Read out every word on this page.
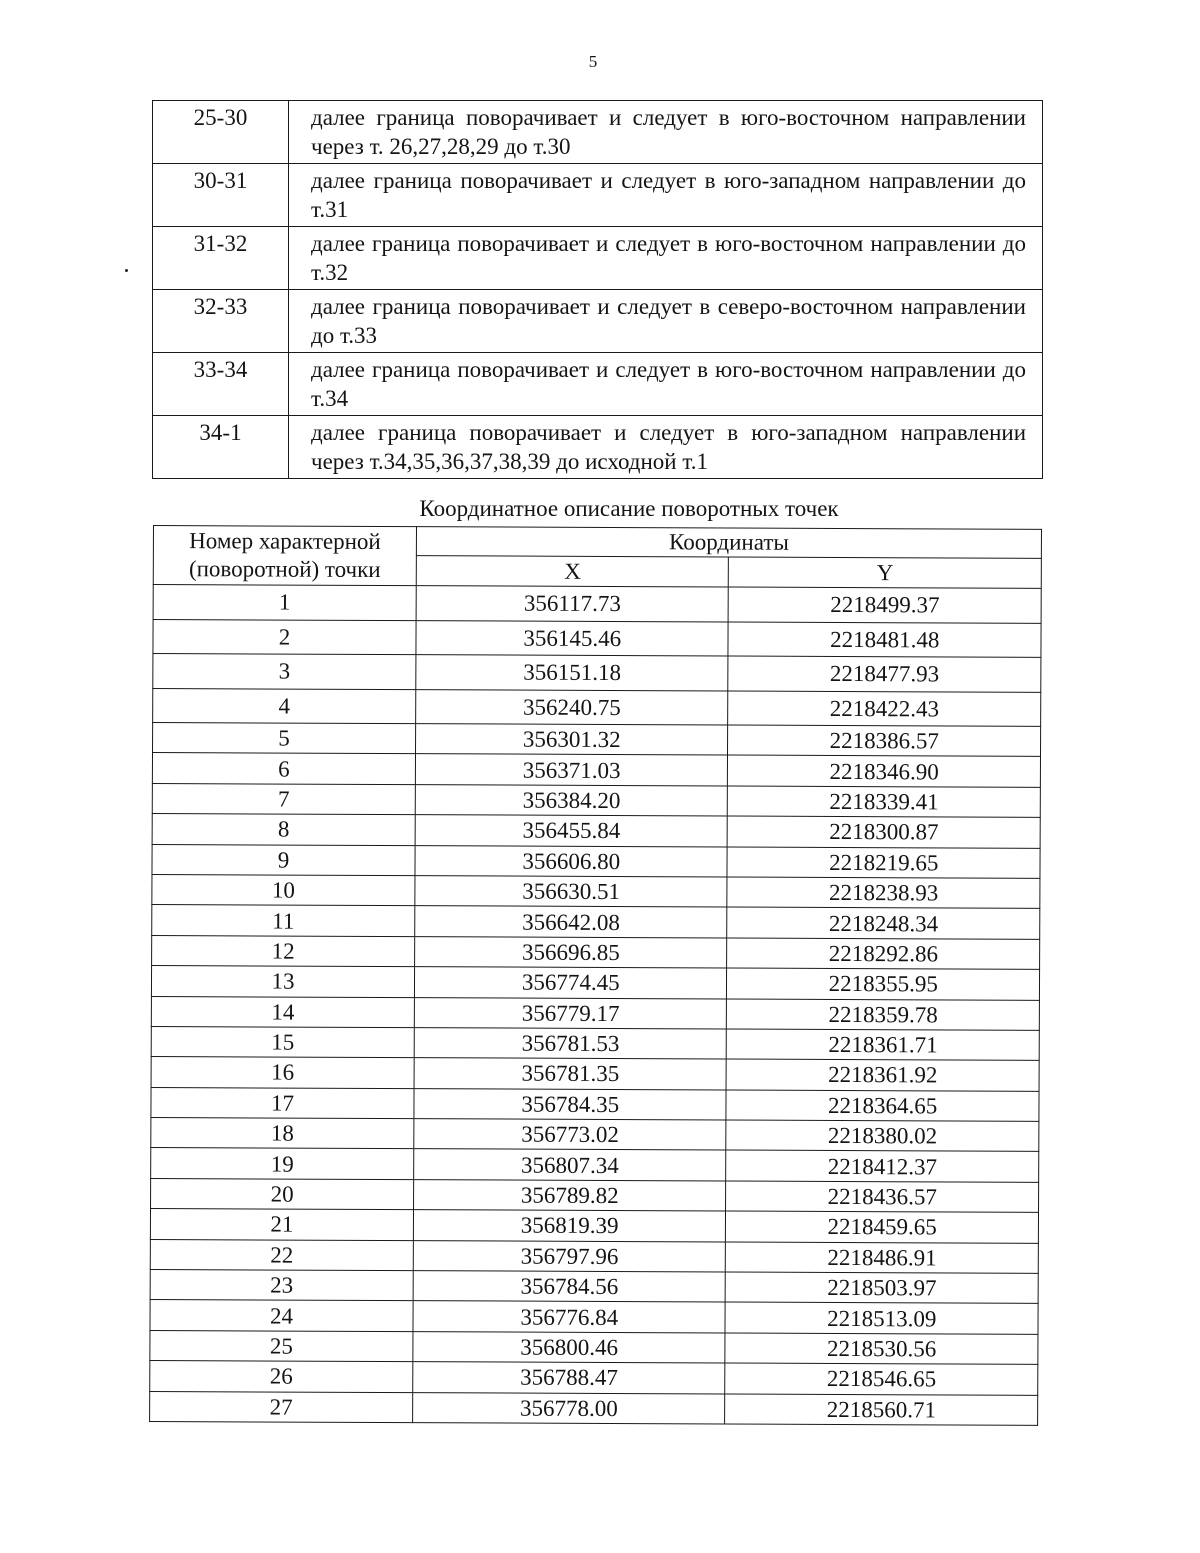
5
25-30	далее граница поворачивает и следует в юго-восточном направлении через т. 26,27,28,29 до т.30
30-31	далее граница поворачивает и следует в юго-западном направлении до т.31
31-32	далее граница поворачивает и следует в юго-восточном направлении до т.32
32-33	далее граница поворачивает и следует в северо-восточном направлении до т.33
33-34	далее граница поворачивает и следует в юго-восточном направлении до т.34
34-1	далее граница поворачивает и следует в юго-западном направлении через т.34,35,36,37,38,39 до исходной т.1
Координатное описание поворотных точек
Номер характерной (поворотной) точки	Координаты	
	X	Y
1	356117.73	2218499.37
2	356145.46	2218481.48
3	356151.18	2218477.93
4	356240.75	2218422.43
5	356301.32	2218386.57
6	356371.03	2218346.90
7	356384.20	2218339.41
8	356455.84	2218300.87
9	356606.80	2218219.65
10	356630.51	2218238.93
11	356642.08	2218248.34
12	356696.85	2218292.86
13	356774.45	2218355.95
14	356779.17	2218359.78
15	356781.53	2218361.71
16	356781.35	2218361.92
17	356784.35	2218364.65
18	356773.02	2218380.02
19	356807.34	2218412.37
20	356789.82	2218436.57
21	356819.39	2218459.65
22	356797.96	2218486.91
23	356784.56	2218503.97
24	356776.84	2218513.09
25	356800.46	2218530.56
26	356788.47	2218546.65
27	356778.00	2218560.71
